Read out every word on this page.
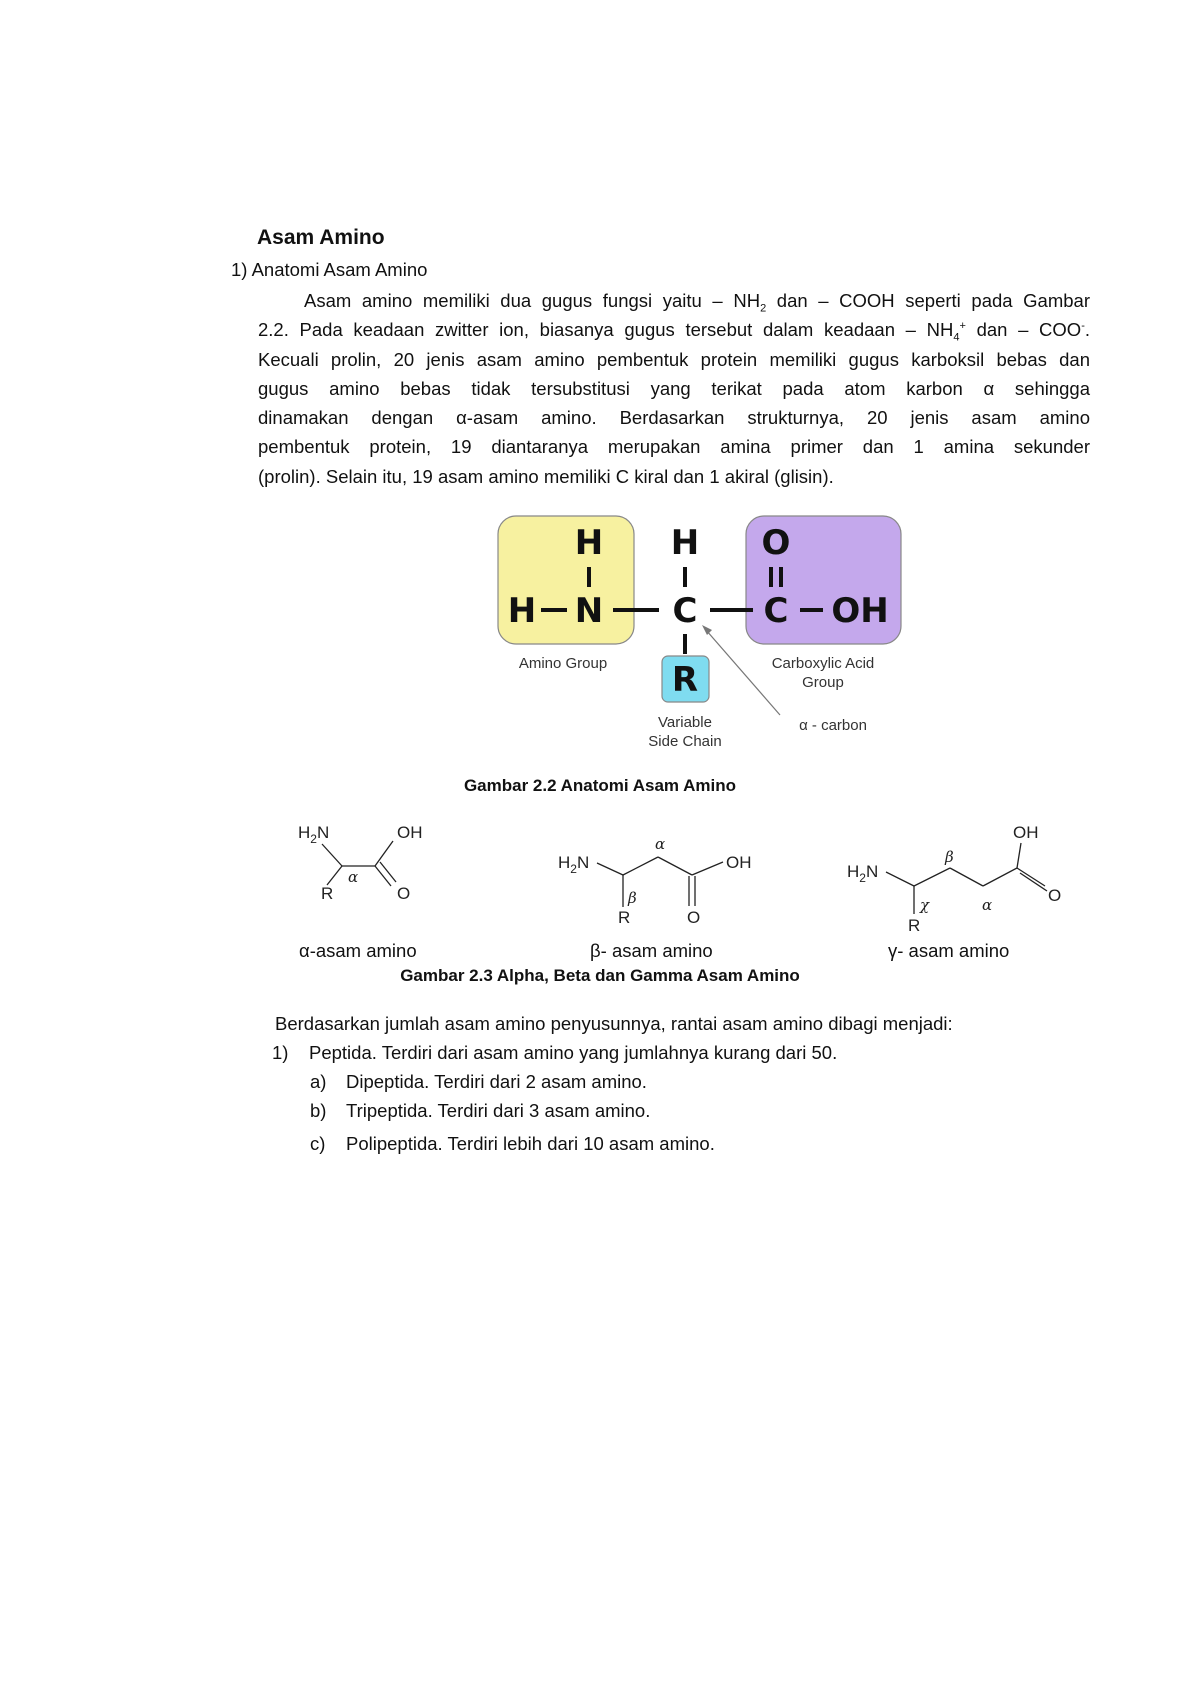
Asam Amino
1) Anatomi Asam Amino
Asam amino memiliki dua gugus fungsi yaitu – $NH_2$ dan – COOH seperti pada Gambar
2.2. Pada keadaan zwitter ion, biasanya gugus tersebut dalam keadaan – $NH_4^+$ dan – COO-.
Kecuali prolin, 20 jenis asam amino pembentuk protein memiliki gugus karboksil bebas dan
gugus amino bebas tidak tersubstitusi yang terikat pada atom karbon α sehingga
dinamakan dengan α-asam amino. Berdasarkan strukturnya, 20 jenis asam amino
pembentuk protein, 19 diantaranya merupakan amina primer dan 1 amina sekunder
(prolin). Selain itu, 19 asam amino memiliki C kiral dan 1 akiral (glisin).
H
H N
H
C
O
C OH
R
Amino Group	Carboxylic Acid
Group
Variable
Side Chain
α - carbon
Gambar 2.2 Anatomi Asam Amino
$H_2N$	OH
R	O
α
$H_2N$	OH
R	O
α
β
$H_2N$
OH
O
R
β
χ	α
α-asam amino	β- asam amino	γ- asam amino
Gambar 2.3 Alpha, Beta dan Gamma Asam Amino
Berdasarkan jumlah asam amino penyusunnya, rantai asam amino dibagi menjadi:
1) Peptida. Terdiri dari asam amino yang jumlahnya kurang dari 50.
a) Dipeptida. Terdiri dari 2 asam amino.
b) Tripeptida. Terdiri dari 3 asam amino.
c) Polipeptida. Terdiri lebih dari 10 asam amino.
